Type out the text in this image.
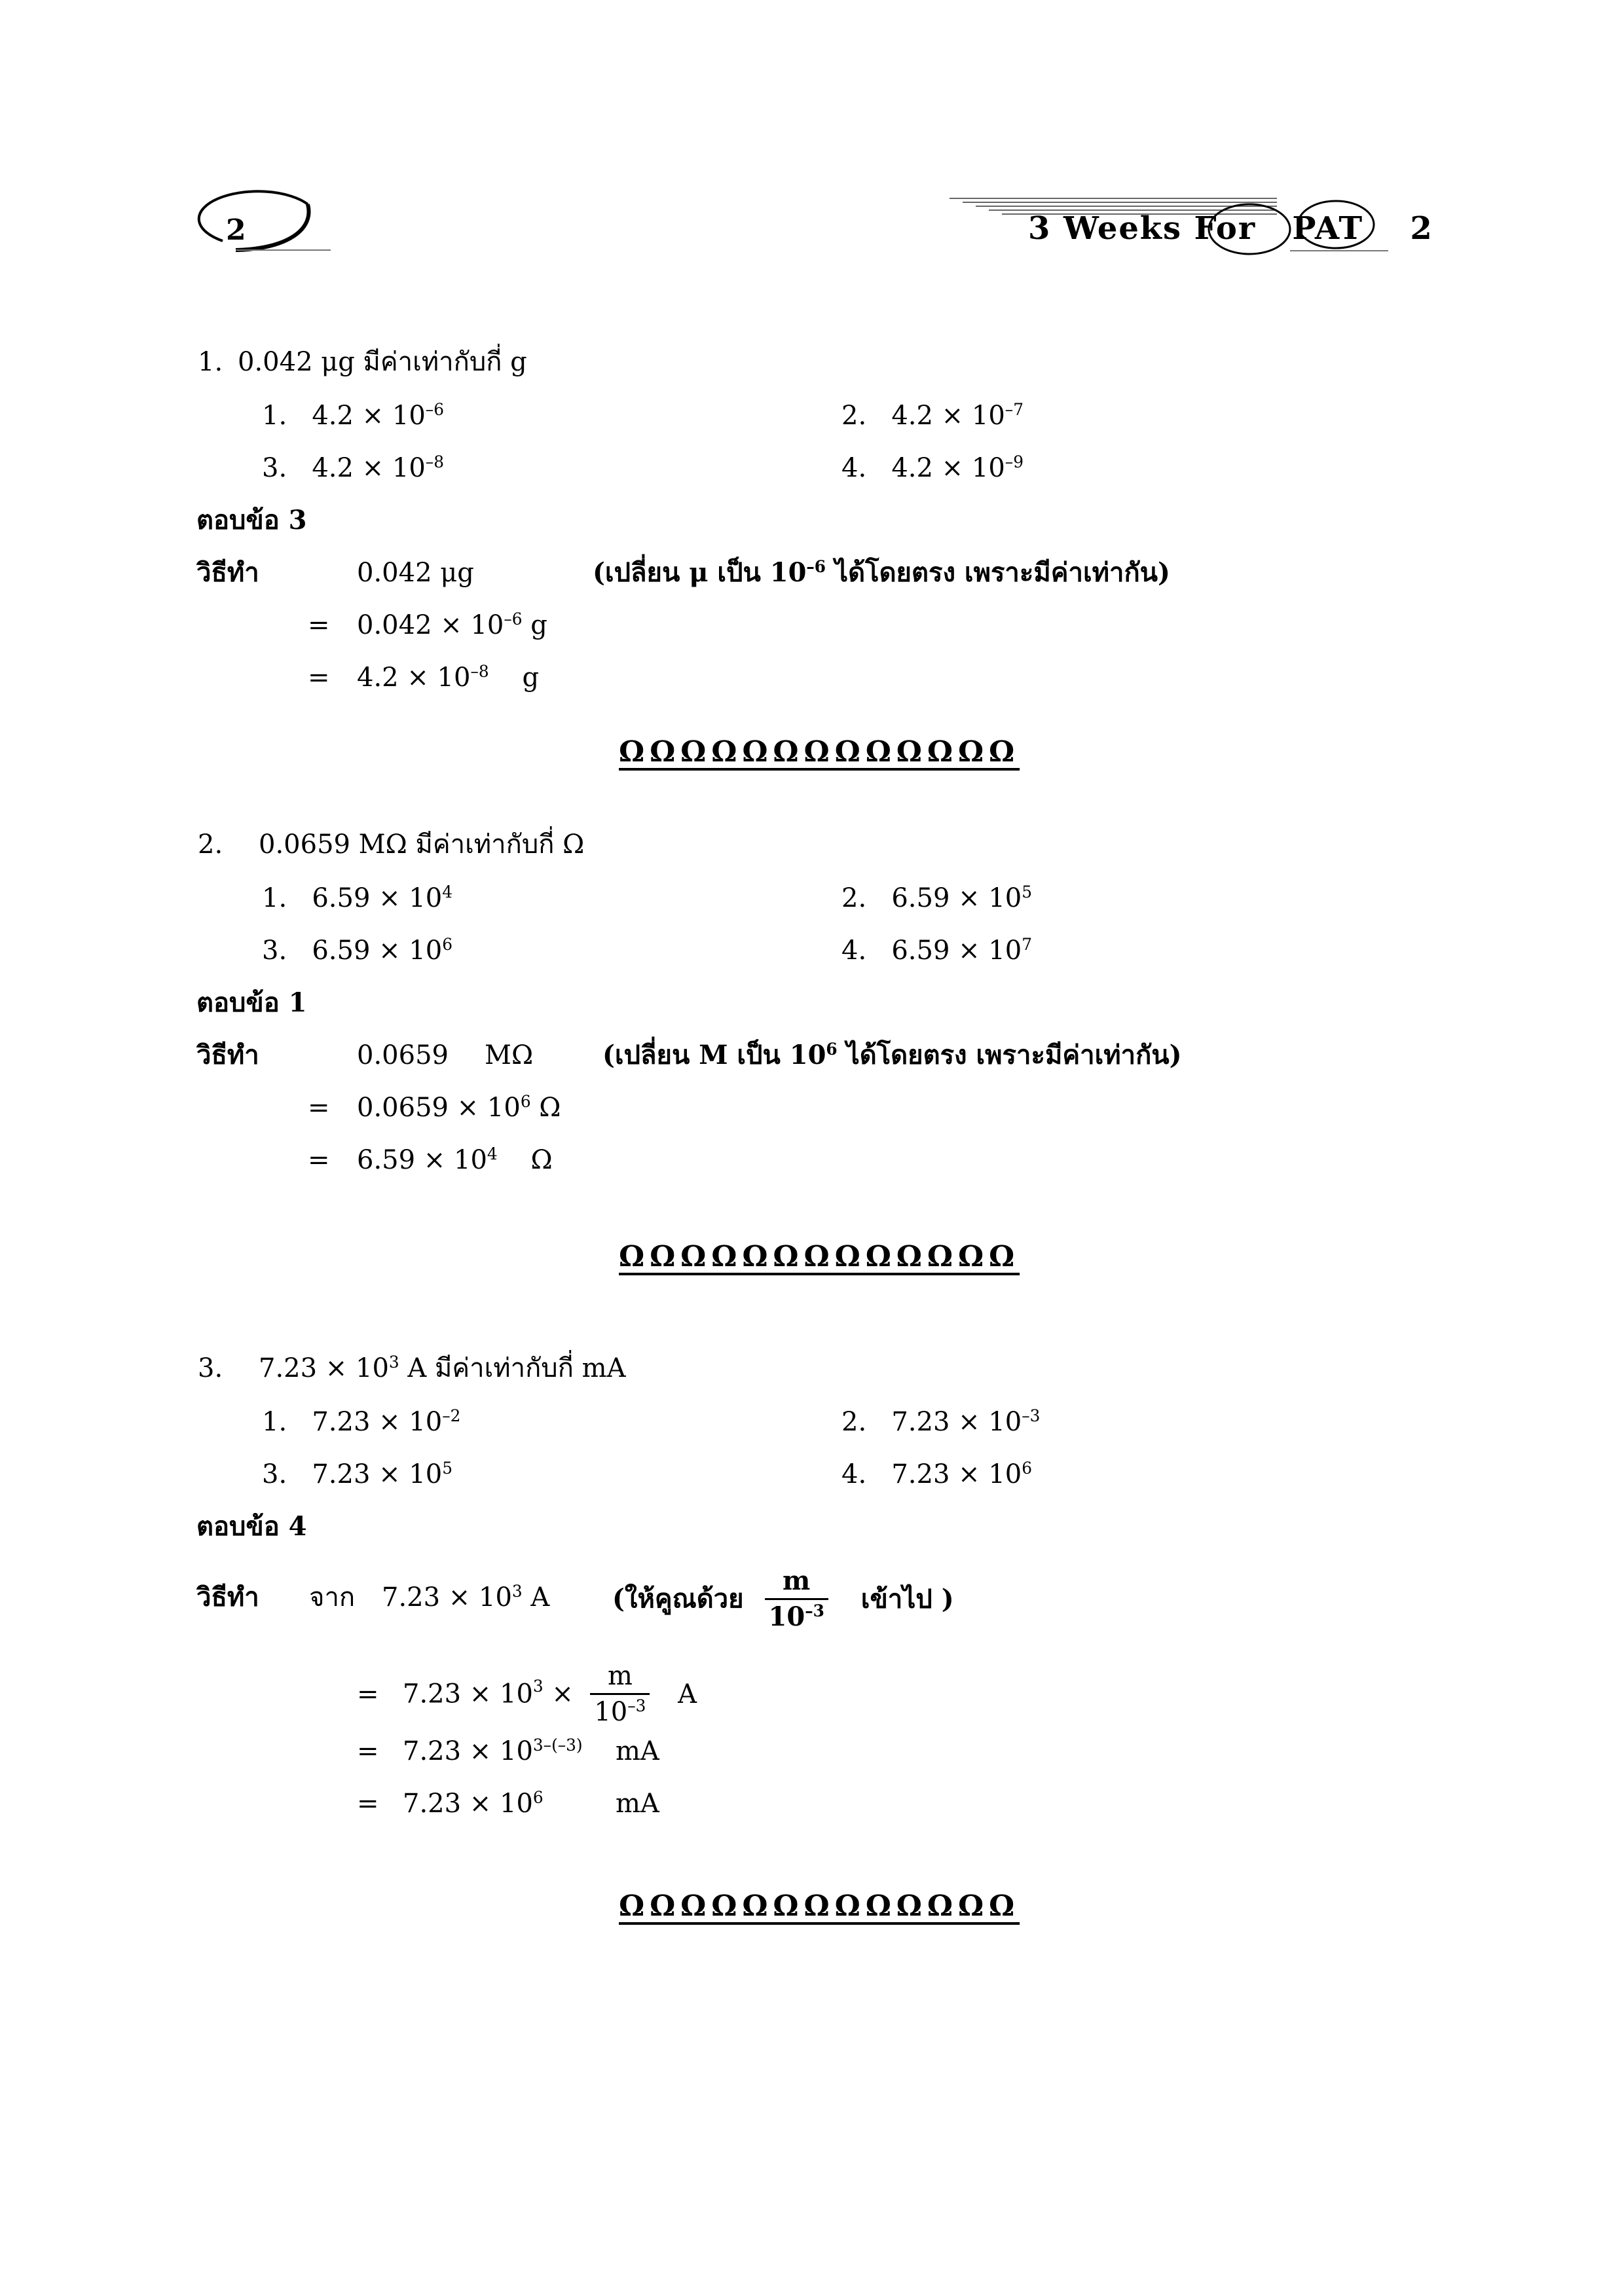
2	3 Weeks For PAT 2
1. 0.042 μg มีค่าเท่ากับกี่ g
1. $4.2 \times 10^{-6}$	2. $4.2 \times 10^{-7}$
3. $4.2 \times 10^{-8}$	4. $4.2 \times 10^{-9}$
ตอบข้อ 3
วิธีทำ	0.042 μg	(เปลี่ยน μ เป็น $10^{-6}$ ได้โดยตรง เพราะมีค่าเท่ากัน)
= $0.042 \times 10^{-6}$ g
= $4.2 \times 10^{-8}$    g
ΩΩΩΩΩΩΩΩΩΩΩΩΩ
2. 0.0659 MΩ มีค่าเท่ากับกี่ Ω
1. $6.59 \times 10^4$	2. $6.59 \times 10^5$
3. $6.59 \times 10^6$	4. $6.59 \times 10^7$
ตอบข้อ 1
วิธีทำ	0.0659 MΩ	(เปลี่ยน M เป็น $10^6$ ได้โดยตรง เพราะมีค่าเท่ากัน)
= $0.0659 \times 10^6$ Ω
= $6.59 \times 10^4$    Ω
ΩΩΩΩΩΩΩΩΩΩΩΩΩ
3. $7.23 \times 10^3$ A มีค่าเท่ากับกี่ mA
1. $7.23 \times 10^{-2}$	2. $7.23 \times 10^{-3}$
3. $7.23 \times 10^5$	4. $7.23 \times 10^6$
ตอบข้อ 4
วิธีทำ จาก $7.23 \times 10^3$ A (ให้คูณด้วย $\frac{m}{10^{-3}}$ เข้าไป )
= $7.23 \times 10^3 \times \frac{m}{10^{-3}}$ A
= $7.23 \times 10^{3-(-3)}$ mA
= $7.23 \times 10^6$	mA
ΩΩΩΩΩΩΩΩΩΩΩΩΩ
